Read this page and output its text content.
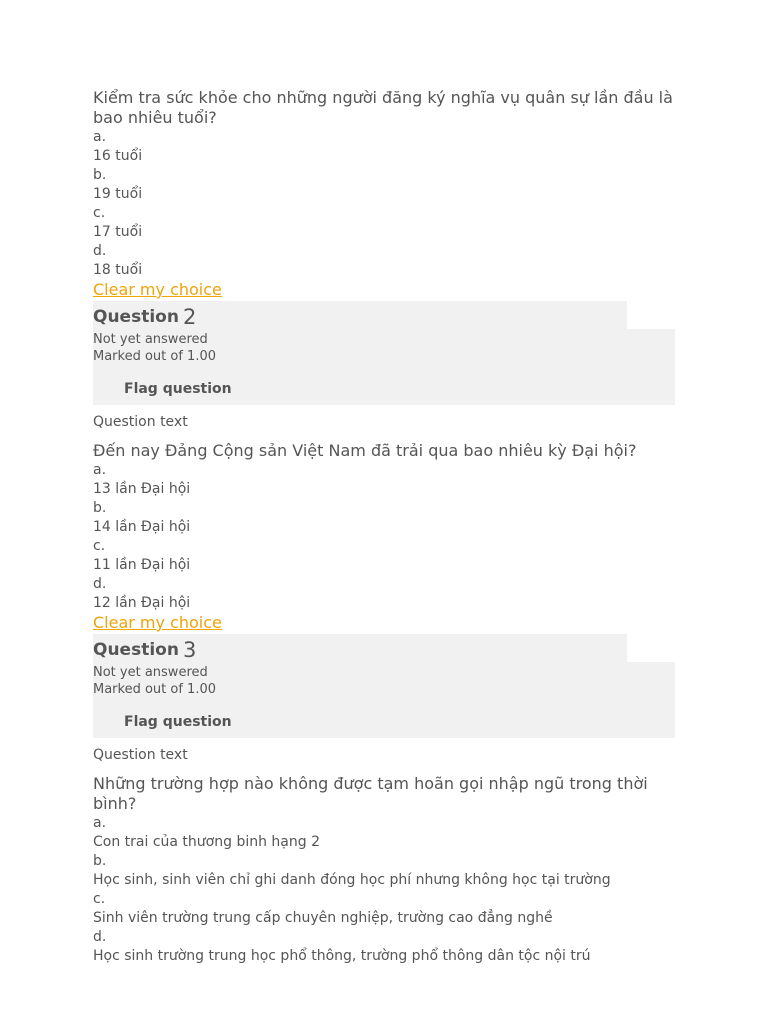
Kiểm tra sức khỏe cho những người đăng ký nghĩa vụ quân sự lần đầu là bao nhiêu tuổi?

a.
16 tuổi
b.
19 tuổi
c.
17 tuổi
d.
18 tuổi
Clear my choice
Question 2
Not yet answered
Marked out of 1.00
Flag question
Question text

Đến nay Đảng Cộng sản Việt Nam đã trải qua bao nhiêu kỳ Đại hội?

a.
13 lần Đại hội
b.
14 lần Đại hội
c.
11 lần Đại hội
d.
12 lần Đại hội
Clear my choice
Question 3
Not yet answered
Marked out of 1.00
Flag question
Question text

Những trường hợp nào không được tạm hoãn gọi nhập ngũ trong thời bình?

a.
Con trai của thương binh hạng 2
b.
Học sinh, sinh viên chỉ ghi danh đóng học phí nhưng không học tại trường
c.
Sinh viên trường trung cấp chuyên nghiệp, trường cao đẳng nghề
d.
Học sinh trường trung học phổ thông, trường phổ thông dân tộc nội trú
